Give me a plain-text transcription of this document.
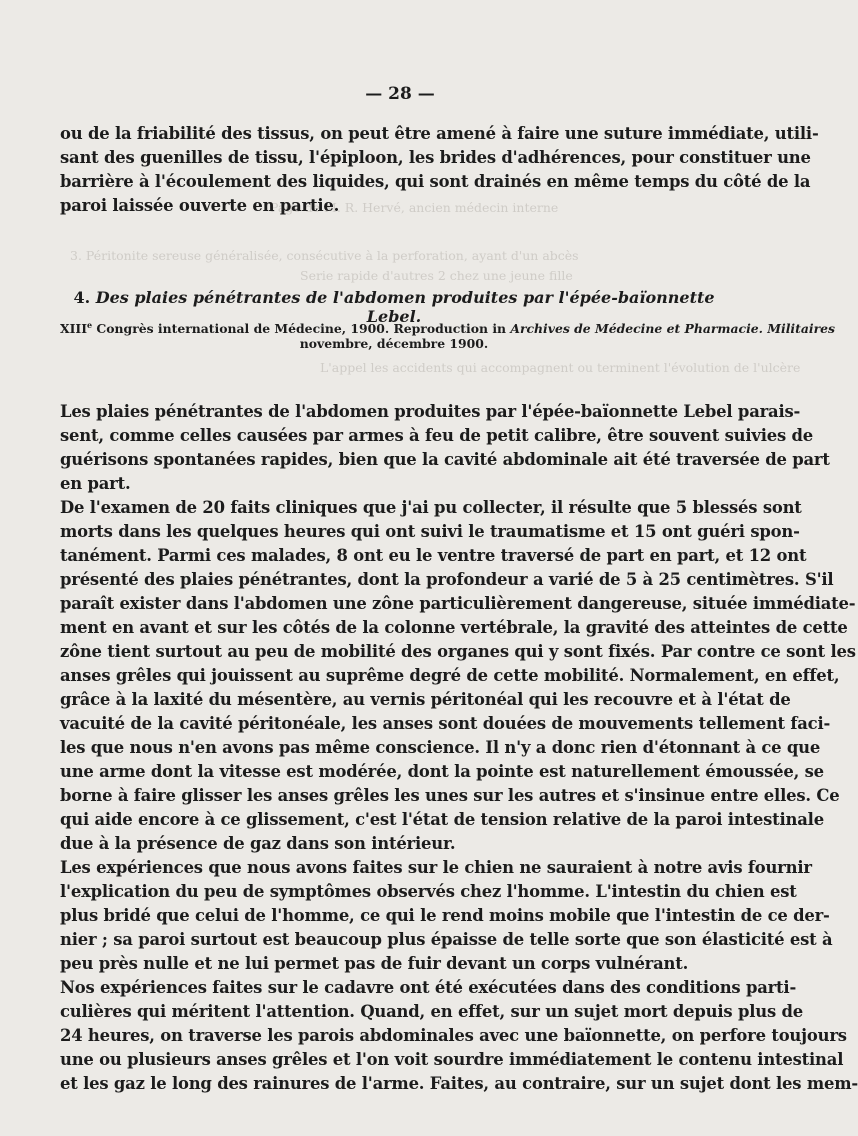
Page de M. R. Hervé, ancien médecin interne
3. Péritonite sereuse généralisée, consécutive à la perforation, ayant d'un abcès
Serie rapide d'autres 2 chez une jeune fille
L'appel les accidents qui accompagnent ou terminent l'évolution de l'ulcère
— 28 —
ou de la friabilité des tissus, on peut être amené à faire une suture immédiate, utili-
sant des guenilles de tissu, l'épiploon, les brides d'adhérences, pour constituer une
barrière à l'écoulement des liquides, qui sont drainés en même temps du côté de la
paroi laissée ouverte en partie.
4. Des plaies pénétrantes de l'abdomen produites par l'épée-baïonnette Lebel.
XIIIe Congrès international de Médecine, 1900. Reproduction in Archives de Médecine et Pharmacie. Militaires
novembre, décembre 1900.
Les plaies pénétrantes de l'abdomen produites par l'épée-baïonnette Lebel parais-
sent, comme celles causées par armes à feu de petit calibre, être souvent suivies de
guérisons spontanées rapides, bien que la cavité abdominale ait été traversée de part
en part.
De l'examen de 20 faits cliniques que j'ai pu collecter, il résulte que 5 blessés sont
morts dans les quelques heures qui ont suivi le traumatisme et 15 ont guéri spon-
tanément. Parmi ces malades, 8 ont eu le ventre traversé de part en part, et 12 ont
présenté des plaies pénétrantes, dont la profondeur a varié de 5 à 25 centimètres. S'il
paraît exister dans l'abdomen une zône particulièrement dangereuse, située immédiate-
ment en avant et sur les côtés de la colonne vertébrale, la gravité des atteintes de cette
zône tient surtout au peu de mobilité des organes qui y sont fixés. Par contre ce sont les
anses grêles qui jouissent au suprême degré de cette mobilité. Normalement, en effet,
grâce à la laxité du mésentère, au vernis péritonéal qui les recouvre et à l'état de
vacuité de la cavité péritonéale, les anses sont douées de mouvements tellement faci-
les que nous n'en avons pas même conscience. Il n'y a donc rien d'étonnant à ce que
une arme dont la vitesse est modérée, dont la pointe est naturellement émoussée, se
borne à faire glisser les anses grêles les unes sur les autres et s'insinue entre elles. Ce
qui aide encore à ce glissement, c'est l'état de tension relative de la paroi intestinale
due à la présence de gaz dans son intérieur.
Les expériences que nous avons faites sur le chien ne sauraient à notre avis fournir
l'explication du peu de symptômes observés chez l'homme. L'intestin du chien est
plus bridé que celui de l'homme, ce qui le rend moins mobile que l'intestin de ce der-
nier ; sa paroi surtout est beaucoup plus épaisse de telle sorte que son élasticité est à
peu près nulle et ne lui permet pas de fuir devant un corps vulnérant.
Nos expériences faites sur le cadavre ont été exécutées dans des conditions parti-
culières qui méritent l'attention. Quand, en effet, sur un sujet mort depuis plus de
24 heures, on traverse les parois abdominales avec une baïonnette, on perfore toujours
une ou plusieurs anses grêles et l'on voit sourdre immédiatement le contenu intestinal
et les gaz le long des rainures de l'arme. Faites, au contraire, sur un sujet dont les mem-
